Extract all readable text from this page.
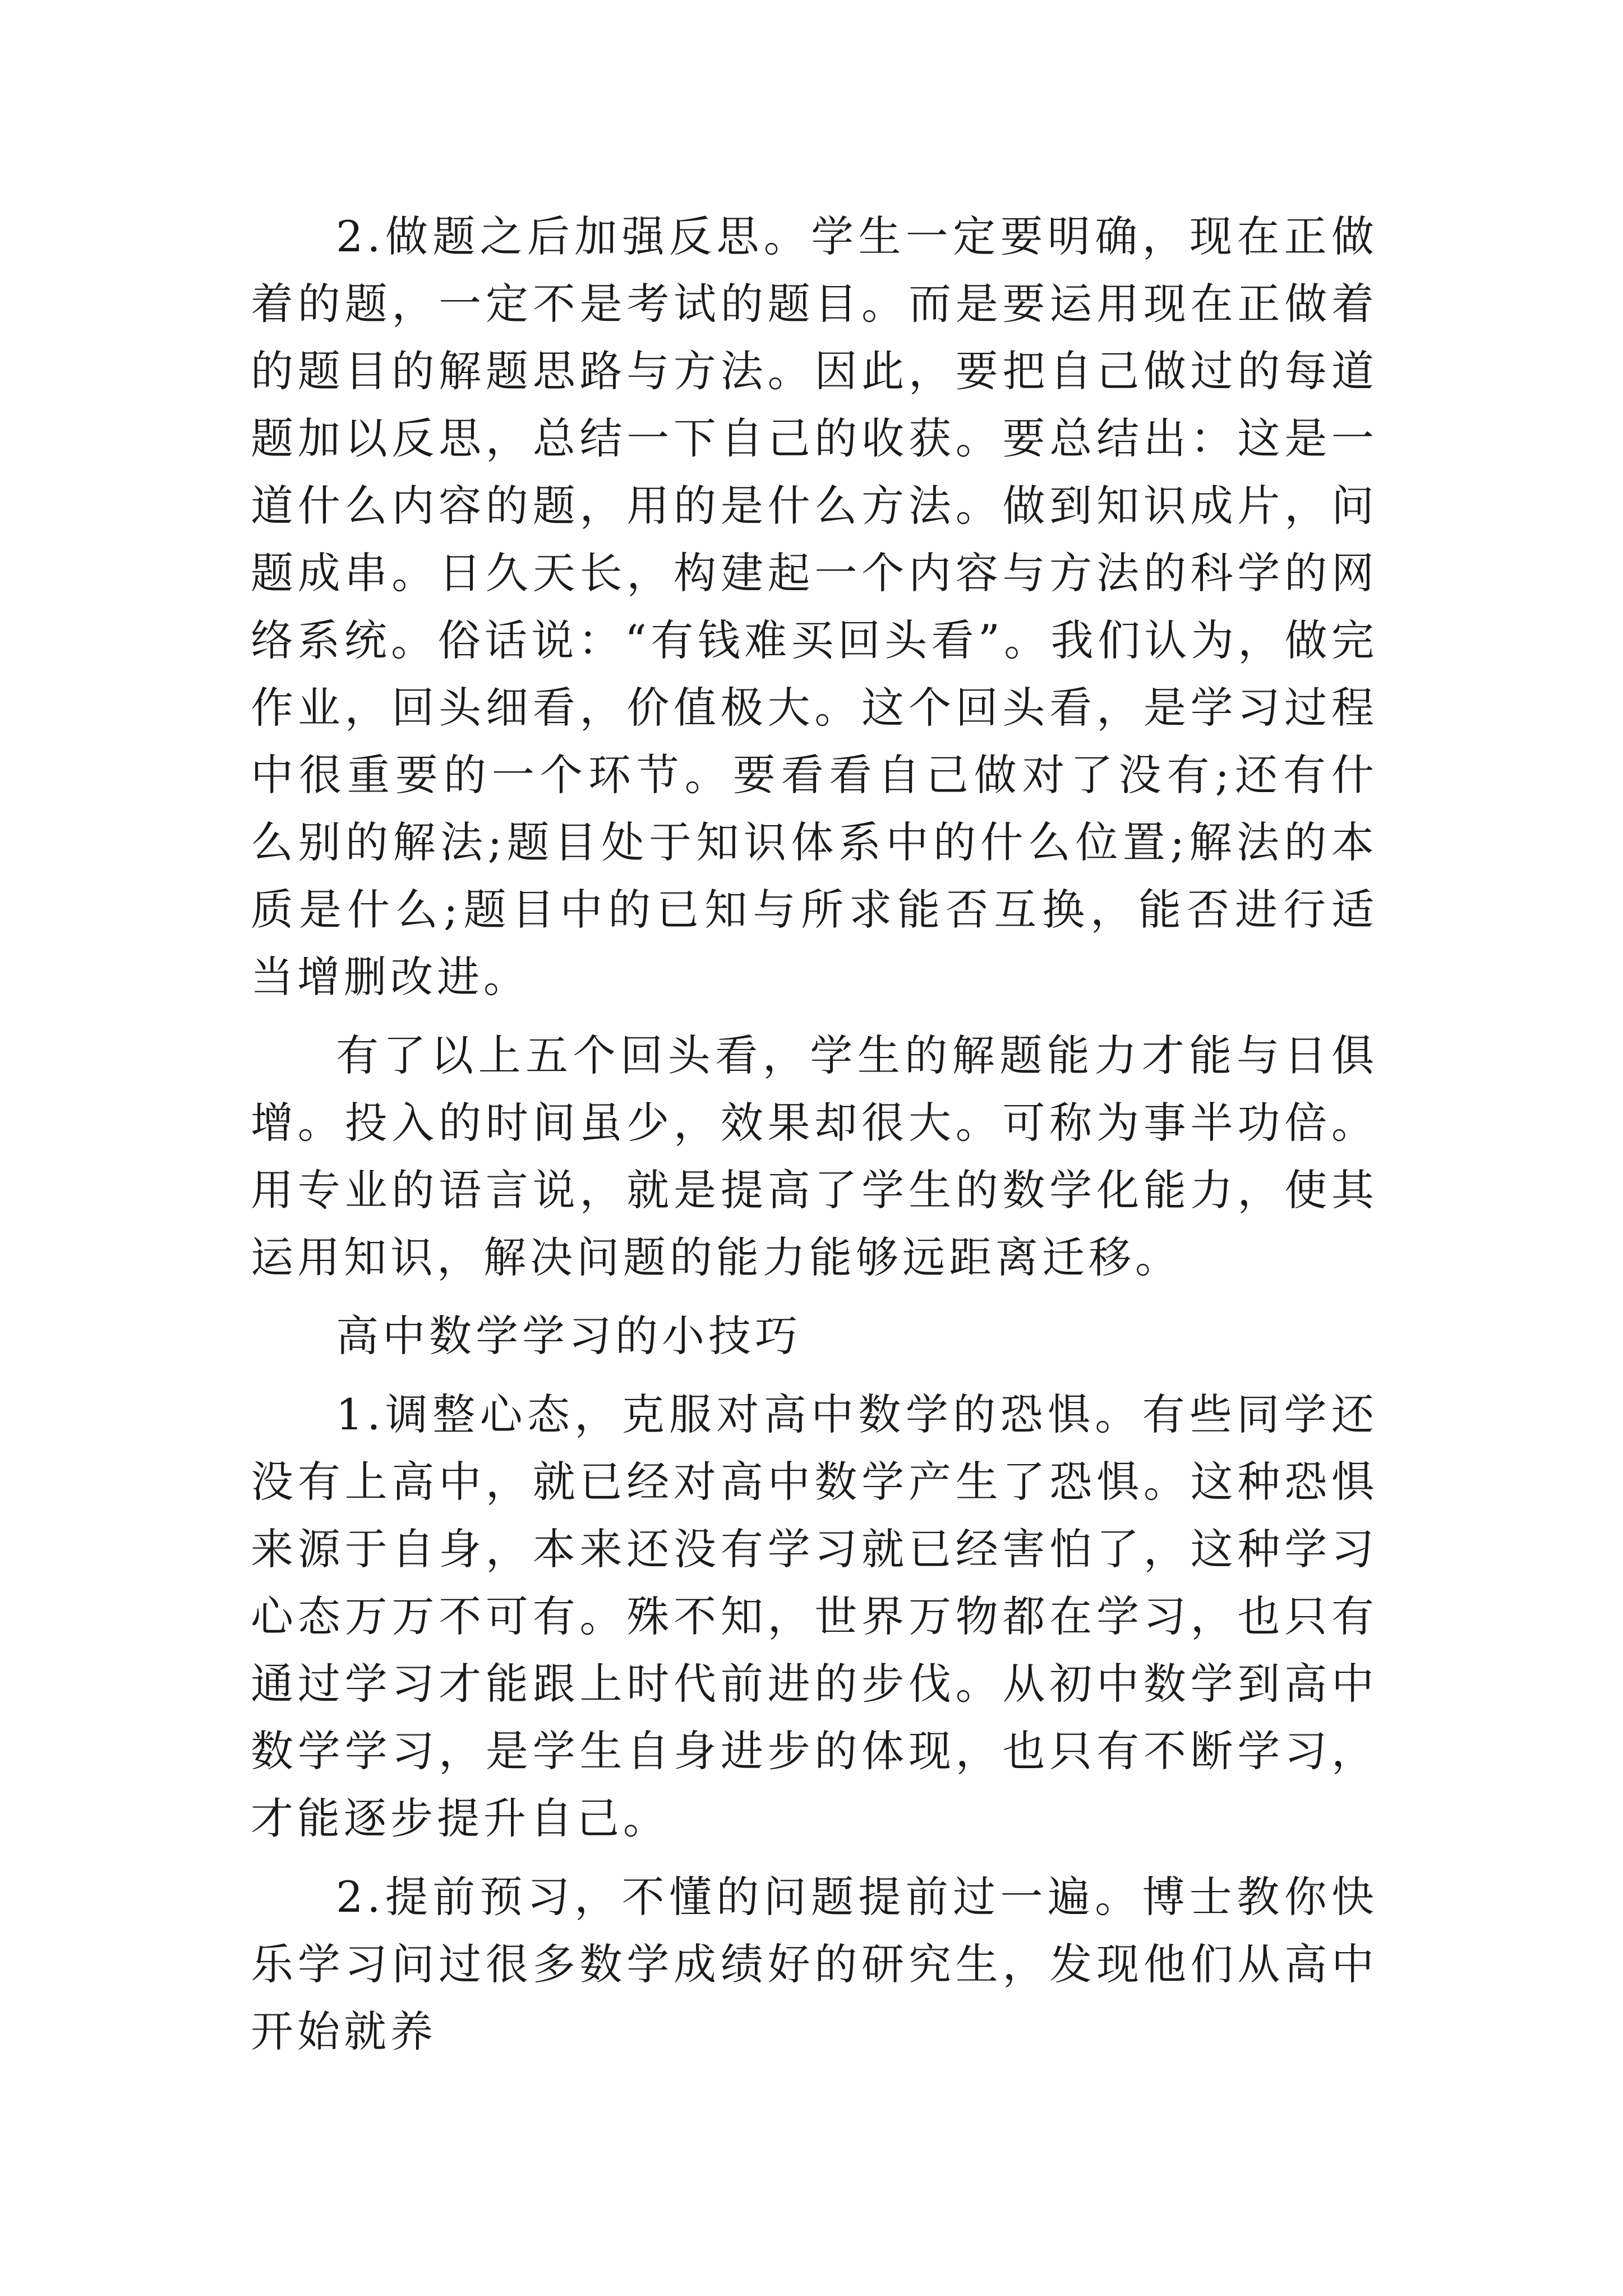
2.做题之后加强反思。学生一定要明确，现在正做着的题，一定不是考试的题目。而是要运用现在正做着的题目的解题思路与方法。因此，要把自己做过的每道题加以反思，总结一下自己的收获。要总结出：这是一道什么内容的题，用的是什么方法。做到知识成片，问题成串。日久天长，构建起一个内容与方法的科学的网络系统。俗话说：“有钱难买回头看”。我们认为，做完作业，回头细看，价值极大。这个回头看，是学习过程中很重要的一个环节。要看看自己做对了没有;还有什么别的解法;题目处于知识体系中的什么位置;解法的本质是什么;题目中的已知与所求能否互换，能否进行适当增删改进。

有了以上五个回头看，学生的解题能力才能与日俱增。投入的时间虽少，效果却很大。可称为事半功倍。用专业的语言说，就是提高了学生的数学化能力，使其运用知识，解决问题的能力能够远距离迁移。

高中数学学习的小技巧

1.调整心态，克服对高中数学的恐惧。有些同学还没有上高中，就已经对高中数学产生了恐惧。这种恐惧来源于自身，本来还没有学习就已经害怕了，这种学习心态万万不可有。殊不知，世界万物都在学习，也只有通过学习才能跟上时代前进的步伐。从初中数学到高中数学学习，是学生自身进步的体现，也只有不断学习，才能逐步提升自己。

2.提前预习，不懂的问题提前过一遍。博士教你快乐学习问过很多数学成绩好的研究生，发现他们从高中开始就养
